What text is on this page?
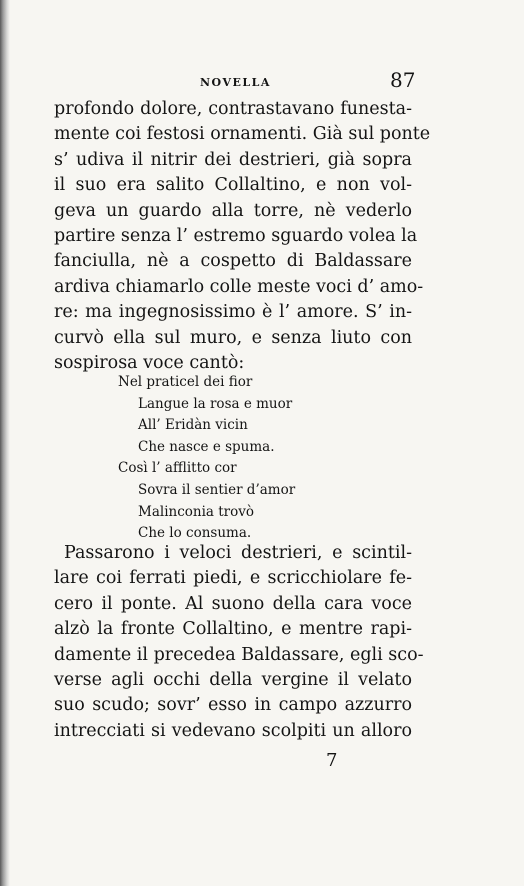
NOVELLA	87
profondo dolore, contrastavano funesta-
mente coi festosi ornamenti. Già sul ponte
s’ udiva il nitrir dei destrieri, già sopra
il suo era salito Collaltino, e non vol-
geva un guardo alla torre, nè vederlo
partire senza l’ estremo sguardo volea la
fanciulla, nè a cospetto di Baldassare
ardiva chiamarlo colle meste voci d’ amo-
re: ma ingegnosissimo è l’ amore. S’ in-
curvò ella sul muro, e senza liuto con
sospirosa voce cantò:
Nel praticel dei fior
Langue la rosa e muor
All’ Eridàn vicin
Che nasce e spuma.
Così l’ afflitto cor
Sovra il sentier d’amor
Malinconia trovò
Che lo consuma.
Passarono i veloci destrieri, e scintil-
lare coi ferrati piedi, e scricchiolare fe-
cero il ponte. Al suono della cara voce
alzò la fronte Collaltino, e mentre rapi-
damente il precedea Baldassare, egli sco-
verse agli occhi della vergine il velato
suo scudo; sovr’ esso in campo azzurro
intrecciati si vedevano scolpiti un alloro
7
